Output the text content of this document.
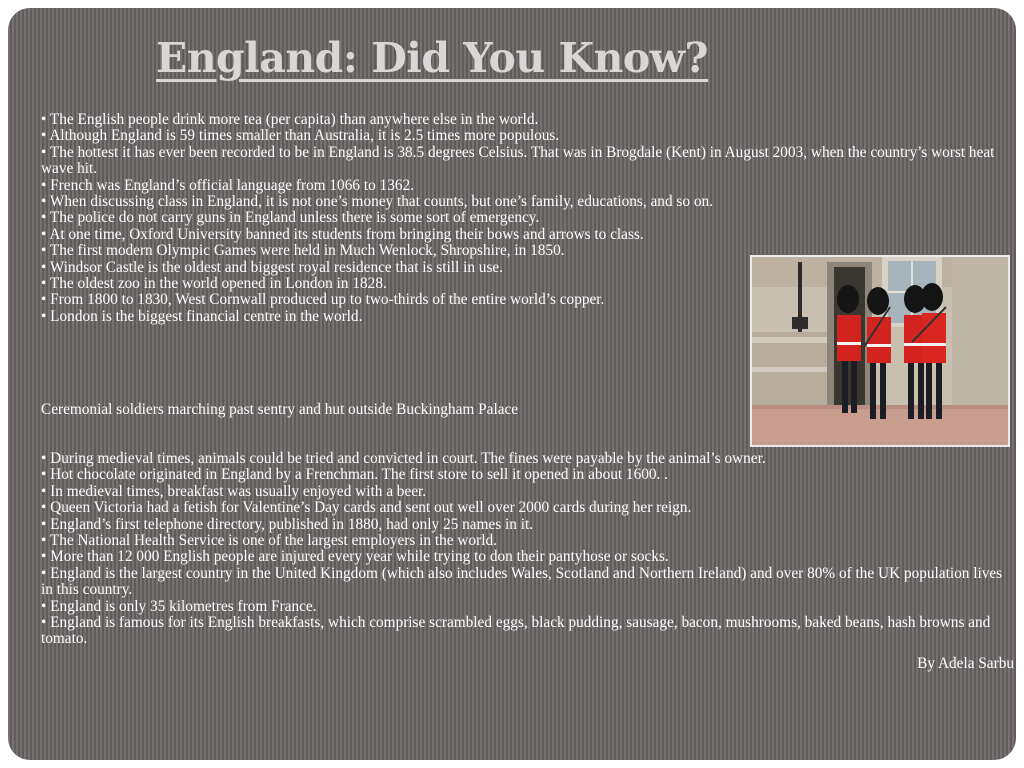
England: Did You Know?
• The English people drink more tea (per capita) than anywhere else in the world.
• Although England is 59 times smaller than Australia, it is 2.5 times more populous.
• The hottest it has ever been recorded to be in England is 38.5 degrees Celsius. That was in Brogdale (Kent) in August 2003, when the country’s worst heat wave hit.
• French was England’s official language from 1066 to 1362.
• When discussing class in England, it is not one’s money that counts, but one’s family, educations, and so on.
• The police do not carry guns in England unless there is some sort of emergency.
• At one time, Oxford University banned its students from bringing their bows and arrows to class.
• The first modern Olympic Games were held in Much Wenlock, Shropshire, in 1850.
• Windsor Castle is the oldest and biggest royal residence that is still in use.
• The oldest zoo in the world opened in London in 1828.
• From 1800 to 1830, West Cornwall produced up to two-thirds of the entire world’s copper.
• London is the biggest financial centre in the world.
Ceremonial soldiers marching past sentry and hut outside Buckingham Palace
• During medieval times, animals could be tried and convicted in court. The fines were payable by the animal’s owner.
• Hot chocolate originated in England by a Frenchman. The first store to sell it opened in about 1600. .
• In medieval times, breakfast was usually enjoyed with a beer.
• Queen Victoria had a fetish for Valentine’s Day cards and sent out well over 2000 cards during her reign.
• England’s first telephone directory, published in 1880, had only 25 names in it.
• The National Health Service is one of the largest employers in the world.
• More than 12 000 English people are injured every year while trying to don their pantyhose or socks.
• England is the largest country in the United Kingdom (which also includes Wales, Scotland and Northern Ireland) and over 80% of the UK population lives in this country.
• England is only 35 kilometres from France.
• England is famous for its English breakfasts, which comprise scrambled eggs, black pudding, sausage, bacon, mushrooms, baked beans, hash browns and tomato.
By Adela Sarbu
